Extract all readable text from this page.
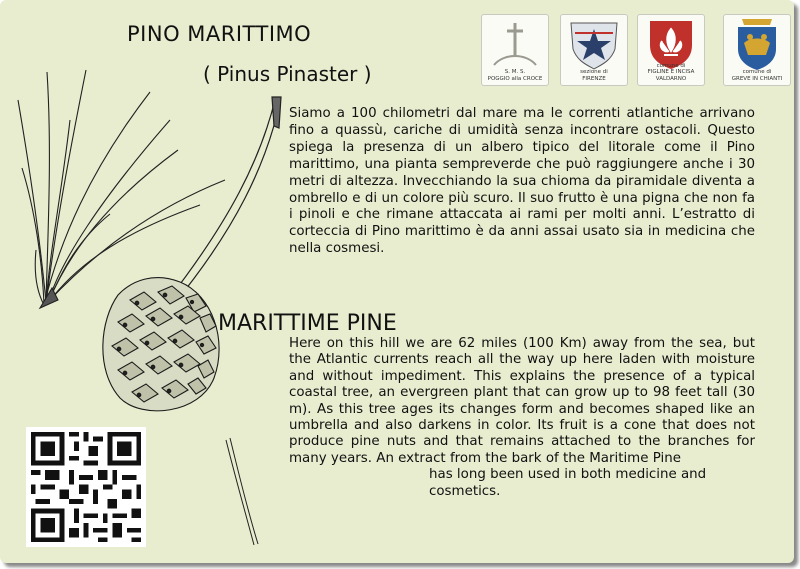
PINO MARITTIMO
( Pinus Pinaster )	S. M. S.
POGGIO alla CROCE
sezione di
FIRENZE
comune di
FIGLINE E INCISA
VALDARNO
comune di
GREVE IN CHIANTI
Siamo a 100 chilometri dal mare ma le correnti atlantiche arrivano fino a quassù, cariche di umidità senza incontrare ostacoli. Questo spiega la presenza di un albero tipico del litorale come il Pino marittimo, una pianta sempreverde che può raggiungere anche i 30 metri di altezza. Invecchiando la sua chioma da piramidale diventa a ombrello e di un colore più scuro. Il suo frutto è una pigna che non fa i pinoli e che rimane attaccata ai rami per molti anni. L’estratto di corteccia di Pino marittimo è da anni assai usato sia in medicina che nella cosmesi.
MARITTIME PINE
Here on this hill we are 62 miles (100 Km) away from the sea, but the Atlantic currents reach all the way up here laden with moisture and without impediment. This explains the presence of a typical coastal tree, an evergreen plant that can grow up to 98 feet tall (30 m). As this tree ages its changes form and becomes shaped like an umbrella and also darkens in color. Its fruit is a cone that does not produce pine nuts and that remains attached to the branches for many years. An extract from the bark of the Maritime Pine
has long been used in both medicine and cosmetics.
